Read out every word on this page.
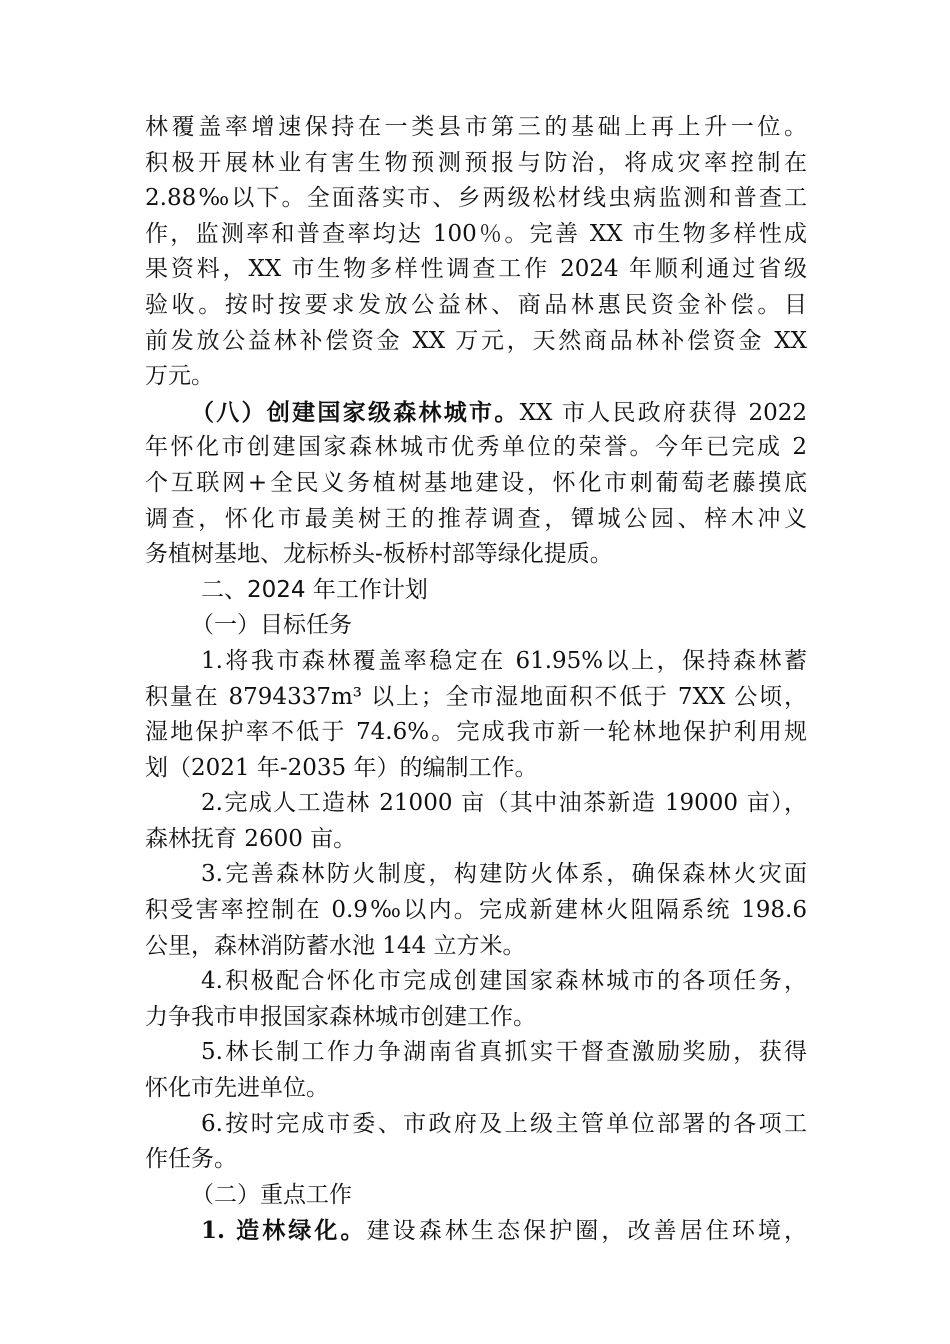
林覆盖率增速保持在一类县市第三的基础上再上升一位。
积极开展林业有害生物预测预报与防治，将成灾率控制在
2.88‰以下。全面落实市、乡两级松材线虫病监测和普查工
作，监测率和普查率均达 100％。完善 XX 市生物多样性成
果资料，XX 市生物多样性调查工作 2024 年顺利通过省级
验收。按时按要求发放公益林、商品林惠民资金补偿。目
前发放公益林补偿资金 XX 万元，天然商品林补偿资金 XX
万元。
（八）创建国家级森林城市。XX 市人民政府获得 2022
年怀化市创建国家森林城市优秀单位的荣誉。今年已完成 2
个互联网+全民义务植树基地建设，怀化市刺葡萄老藤摸底
调查，怀化市最美树王的推荐调查，镡城公园、梓木冲义
务植树基地、龙标桥头-板桥村部等绿化提质。
二、2024 年工作计划
（一）目标任务
1.将我市森林覆盖率稳定在 61.95%以上，保持森林蓄
积量在 8794337m³ 以上；全市湿地面积不低于 7XX 公顷，
湿地保护率不低于 74.6%。完成我市新一轮林地保护利用规
划（2021 年-2035 年）的编制工作。
2.完成人工造林 21000 亩（其中油茶新造 19000 亩），
森林抚育 2600 亩。
3.完善森林防火制度，构建防火体系，确保森林火灾面
积受害率控制在 0.9‰以内。完成新建林火阻隔系统 198.6
公里，森林消防蓄水池 144 立方米。
4.积极配合怀化市完成创建国家森林城市的各项任务，
力争我市申报国家森林城市创建工作。
5.林长制工作力争湖南省真抓实干督查激励奖励，获得
怀化市先进单位。
6.按时完成市委、市政府及上级主管单位部署的各项工
作任务。
（二）重点工作
1. 造林绿化。建设森林生态保护圈，改善居住环境，
